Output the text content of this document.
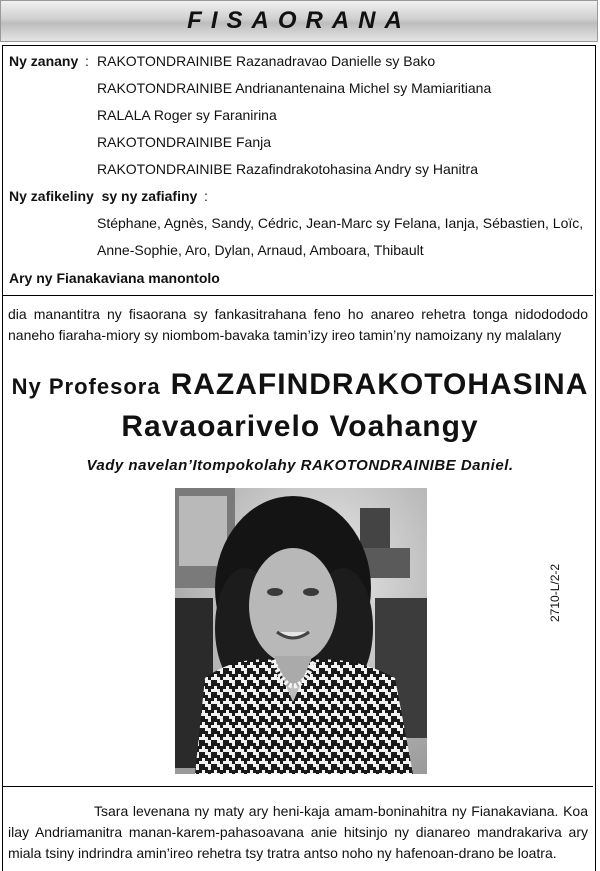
FISAORANA
Ny zanany : RAKOTONDRAINIBE Razanadravao Danielle sy Bako
RAKOTONDRAINIBE Andrianantenaina Michel sy Mamiaritiana
RALALA Roger sy Faranirina
RAKOTONDRAINIBE Fanja
RAKOTONDRAINIBE Razafindrakotohasina Andry sy Hanitra
Ny zafikeliny  sy ny zafiafiny :
Stéphane, Agnès, Sandy, Cédric, Jean-Marc sy Felana, Ianja, Sébastien, Loïc,
Anne-Sophie, Aro, Dylan, Arnaud, Amboara, Thibault
Ary ny Fianakaviana manontolo
dia manantitra ny fisaorana sy fankasitrahana feno ho anareo rehetra tonga nidodododo naneho fiaraha-miory sy niombom-bavaka tamin’izy ireo tamin’ny namoizany ny malalany
Ny Profesora RAZAFINDRAKOTOHASINA
Ravaoarivelo Voahangy
Vady navelan’Itompokolahy RAKOTONDRAINIBE Daniel.
2710-L/2-2
Tsara levenana ny maty ary heni-kaja amam-boninahitra ny Fianakaviana. Koa ilay Andriamanitra manan-karem-pahasoavana anie hitsinjo ny dianareo mandrakariva ary miala tsiny indrindra amin’ireo rehetra tsy tratra antso noho ny hafenoan-drano be loatra.
